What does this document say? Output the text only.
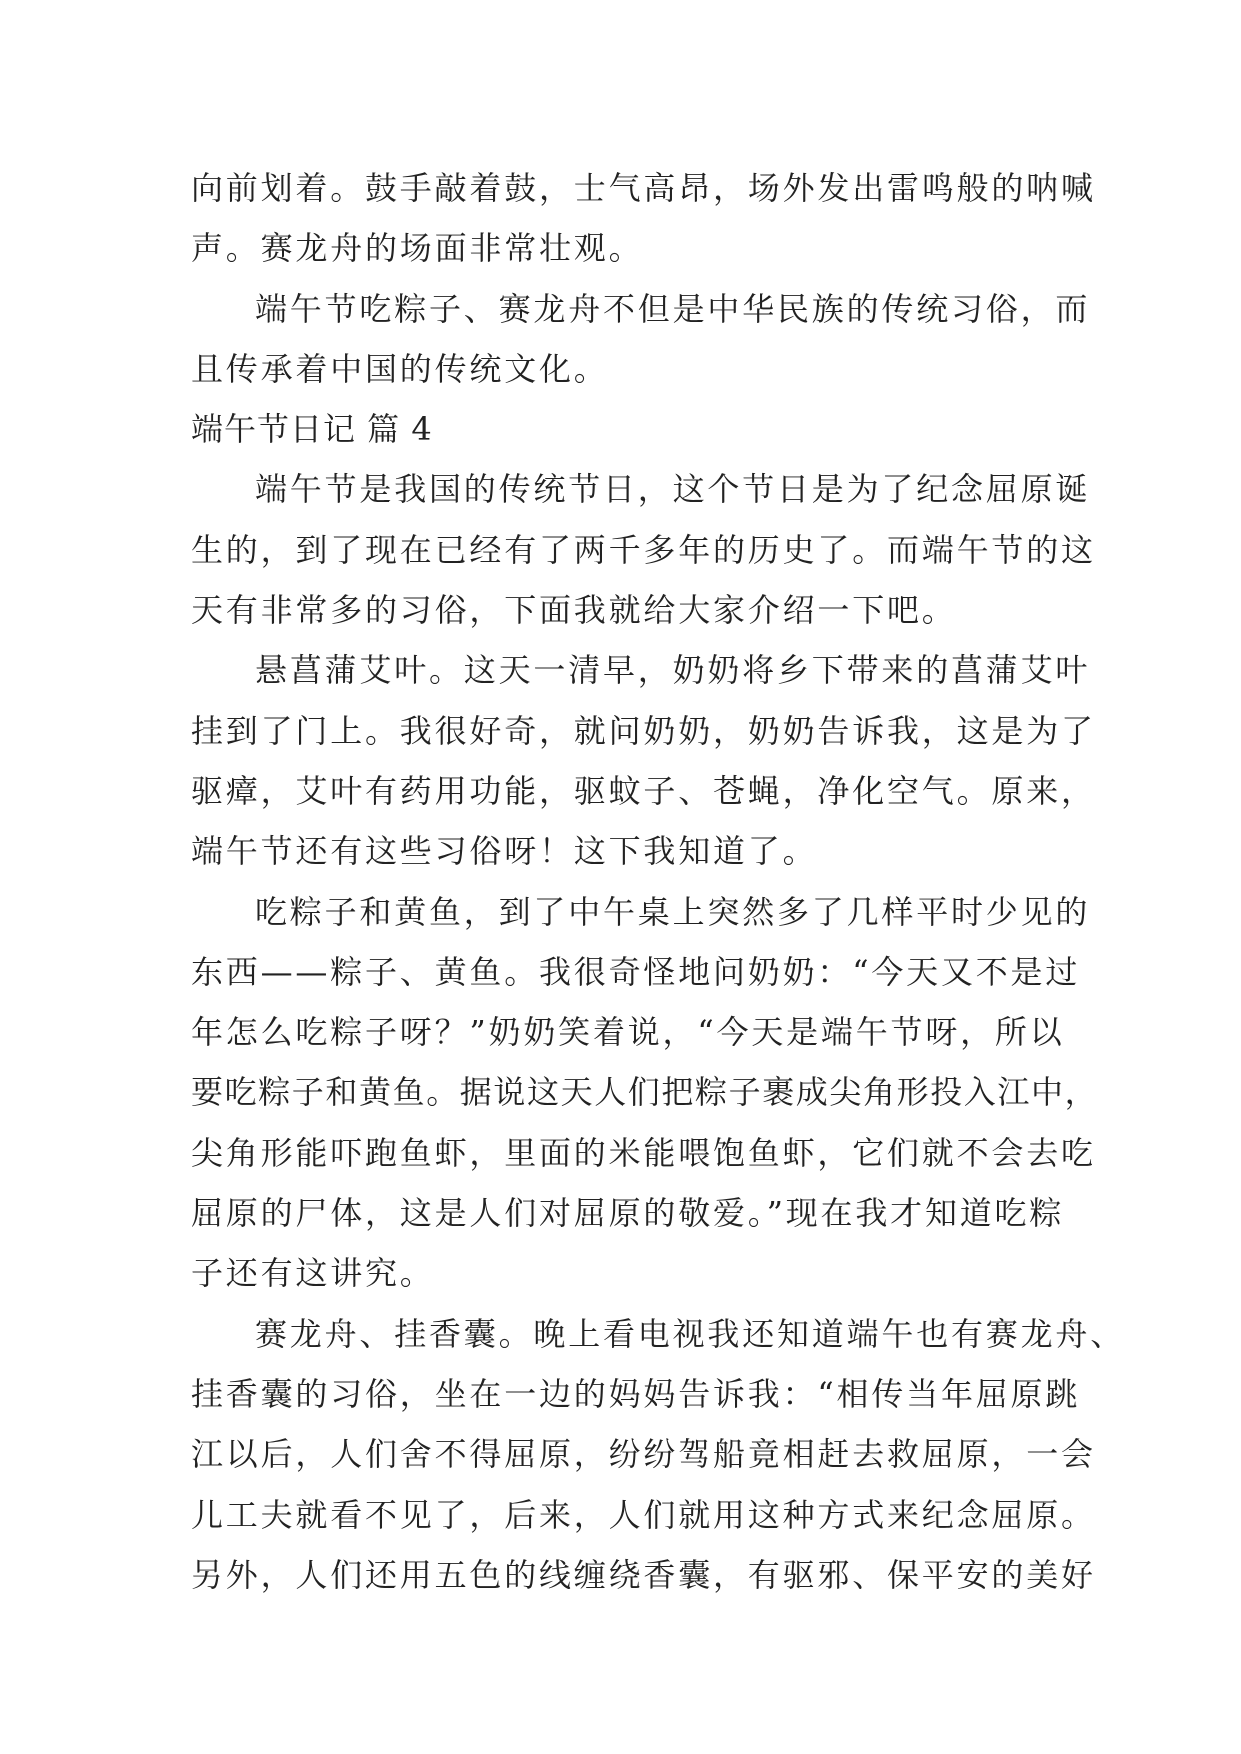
向前划着。鼓手敲着鼓，士气高昂，场外发出雷鸣般的呐喊
声。赛龙舟的场面非常壮观。
端午节吃粽子、赛龙舟不但是中华民族的传统习俗，而
且传承着中国的传统文化。
端午节日记 篇 4
端午节是我国的传统节日，这个节日是为了纪念屈原诞
生的，到了现在已经有了两千多年的历史了。而端午节的这
天有非常多的习俗，下面我就给大家介绍一下吧。
悬菖蒲艾叶。这天一清早，奶奶将乡下带来的菖蒲艾叶
挂到了门上。我很好奇，就问奶奶，奶奶告诉我，这是为了
驱瘴，艾叶有药用功能，驱蚊子、苍蝇，净化空气。原来，
端午节还有这些习俗呀！这下我知道了。
吃粽子和黄鱼，到了中午桌上突然多了几样平时少见的
东西——粽子、黄鱼。我很奇怪地问奶奶：“今天又不是过
年怎么吃粽子呀？”奶奶笑着说，“今天是端午节呀，所以
要吃粽子和黄鱼。据说这天人们把粽子裹成尖角形投入江中，
尖角形能吓跑鱼虾，里面的米能喂饱鱼虾，它们就不会去吃
屈原的尸体，这是人们对屈原的敬爱。”现在我才知道吃粽
子还有这讲究。
赛龙舟、挂香囊。晚上看电视我还知道端午也有赛龙舟、
挂香囊的习俗，坐在一边的妈妈告诉我：“相传当年屈原跳
江以后，人们舍不得屈原，纷纷驾船竟相赶去救屈原，一会
儿工夫就看不见了，后来，人们就用这种方式来纪念屈原。
另外，人们还用五色的线缠绕香囊，有驱邪、保平安的美好
